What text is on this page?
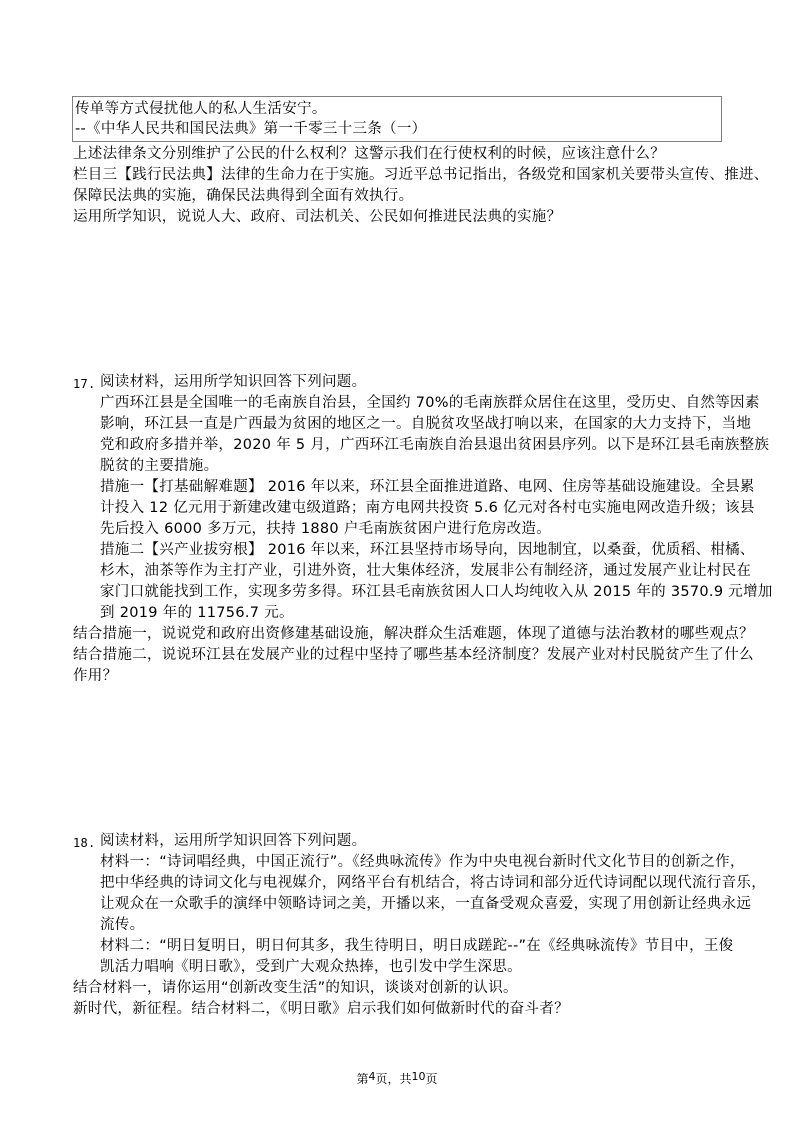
传单等方式侵扰他人的私人生活安宁。
--《中华人民共和国民法典》第一千零三十三条（一）
上述法律条文分别维护了公民的什么权利？这警示我们在行使权利的时候，应该注意什么？
栏目三【践行民法典】法律的生命力在于实施。习近平总书记指出，各级党和国家机关要带头宣传、推进、
保障民法典的实施，确保民法典得到全面有效执行。
运用所学知识，说说人大、政府、司法机关、公民如何推进民法典的实施？
17. 阅读材料，运用所学知识回答下列问题。
广西环江县是全国唯一的毛南族自治县，全国约 70%的毛南族群众居住在这里，受历史、自然等因素
影响，环江县一直是广西最为贫困的地区之一。自脱贫攻坚战打响以来，在国家的大力支持下，当地
党和政府多措并举，2020 年 5 月，广西环江毛南族自治县退出贫困县序列。以下是环江县毛南族整族
脱贫的主要措施。
措施一【打基础解难题】 2016 年以来，环江县全面推进道路、电网、住房等基础设施建设。全县累
计投入 12 亿元用于新建改建屯级道路；南方电网共投资 5.6 亿元对各村屯实施电网改造升级；该县
先后投入 6000 多万元，扶持 1880 户毛南族贫困户进行危房改造。
措施二【兴产业拔穷根】 2016 年以来，环江县坚持市场导向，因地制宜，以桑蚕，优质稻、柑橘、
杉木，油茶等作为主打产业，引进外资，壮大集体经济，发展非公有制经济，通过发展产业让村民在
家门口就能找到工作，实现多劳多得。环江县毛南族贫困人口人均纯收入从 2015 年的 3570.9 元增加
到 2019 年的 11756.7 元。
结合措施一，说说党和政府出资修建基础设施，解决群众生活难题，体现了道德与法治教材的哪些观点？
结合措施二，说说环江县在发展产业的过程中坚持了哪些基本经济制度？发展产业对村民脱贫产生了什么
作用？
18. 阅读材料，运用所学知识回答下列问题。
材料一：“诗词唱经典，中国正流行”。《经典咏流传》作为中央电视台新时代文化节目的创新之作，
把中华经典的诗词文化与电视媒介，网络平台有机结合，将古诗词和部分近代诗词配以现代流行音乐，
让观众在一众歌手的演绎中领略诗词之美，开播以来，一直备受观众喜爱，实现了用创新让经典永远
流传。
材料二：“明日复明日，明日何其多，我生待明日，明日成蹉跎--”在《经典咏流传》节目中，王俊
凯活力唱响《明日歌》，受到广大观众热捧，也引发中学生深思。
结合材料一，请你运用“创新改变生活”的知识，谈谈对创新的认识。
新时代，新征程。结合材料二，《明日歌》启示我们如何做新时代的奋斗者？
第$^4$页，共$^{10}$页
